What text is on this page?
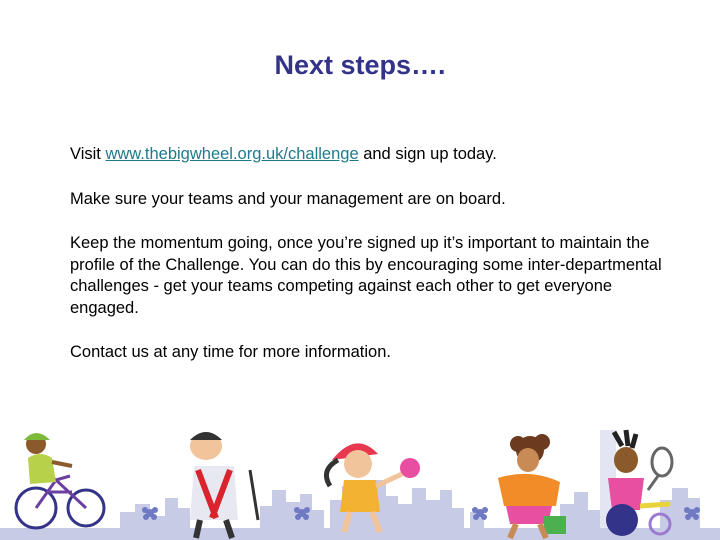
Next steps….

Visit www.thebigwheel.org.uk/challenge and sign up today.

Make sure your teams and your management are on board.

Keep the momentum going, once you’re signed up it’s important to maintain the profile of the Challenge. You can do this by encouraging some inter-departmental challenges - get your teams competing against each other to get everyone engaged.

Contact us at any time for more information.
